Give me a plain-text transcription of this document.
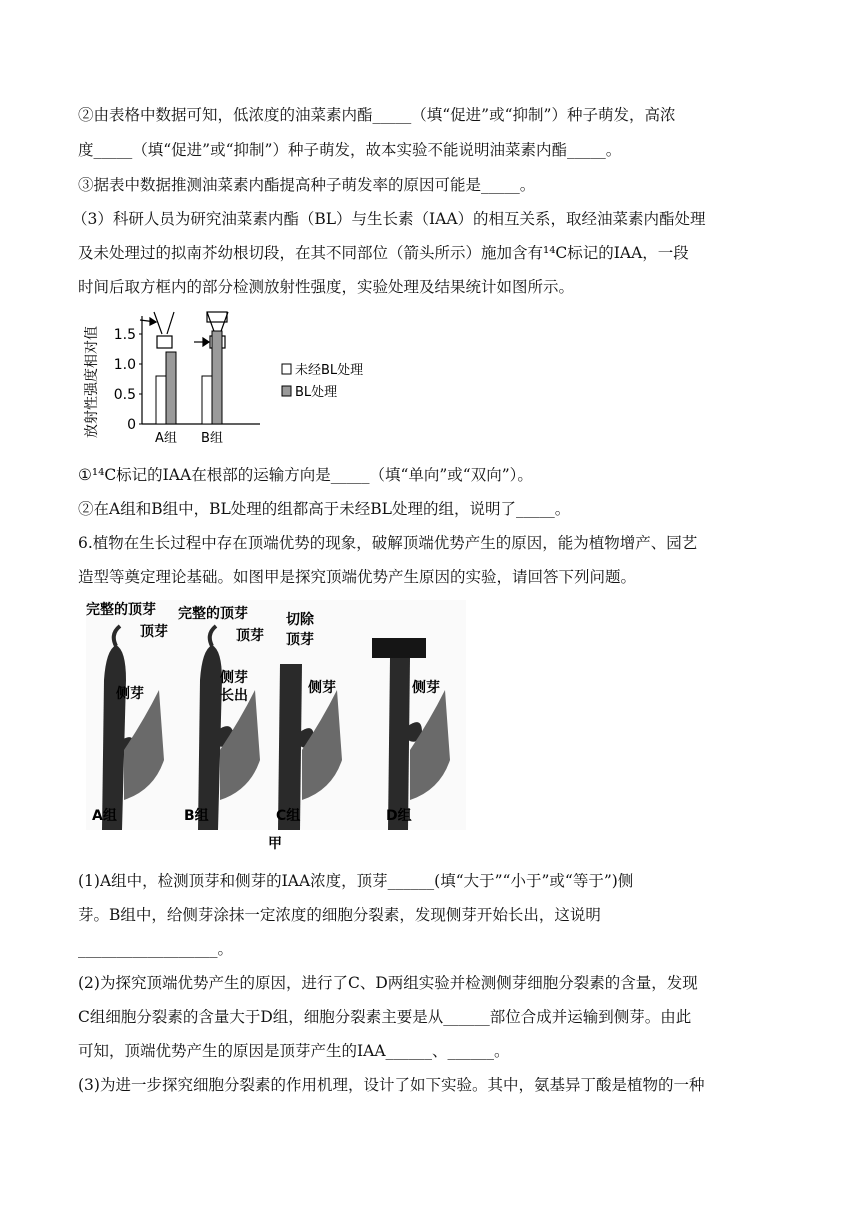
②由表格中数据可知，低浓度的油菜素内酯_____（填“促进”或“抑制”）种子萌发，高浓
度_____（填“促进”或“抑制”）种子萌发，故本实验不能说明油菜素内酯_____。
③据表中数据推测油菜素内酯提高种子萌发率的原因可能是_____。
（3）科研人员为研究油菜素内酯（BL）与生长素（IAA）的相互关系，取经油菜素内酯处理
及未处理过的拟南芥幼根切段，在其不同部位（箭头所示）施加含有¹⁴C标记的IAA，一段
时间后取方框内的部分检测放射性强度，实验处理及结果统计如图所示。
放射性强度相对值
A组 B组
0
0.5
1.0
1.5
未经BL处理
BL处理
①¹⁴C标记的IAA在根部的运输方向是_____（填“单向”或“双向”）。
②在A组和B组中，BL处理的组都高于未经BL处理的组，说明了_____。
6.植物在生长过程中存在顶端优势的现象，破解顶端优势产生的原因，能为植物增产、园艺
造型等奠定理论基础。如图甲是探究顶端优势产生原因的实验，请回答下列问题。
完整的顶芽
顶芽
侧芽
A组
完整的顶芽
顶芽
侧芽
长出
B组
切除
顶芽
侧芽
C组
侧芽
D组
甲
(1)A组中，检测顶芽和侧芽的IAA浓度，顶芽______(填“大于”“小于”或“等于”)侧
芽。B组中，给侧芽涂抹一定浓度的细胞分裂素，发现侧芽开始长出，这说明
__________________。
(2)为探究顶端优势产生的原因，进行了C、D两组实验并检测侧芽细胞分裂素的含量，发现
C组细胞分裂素的含量大于D组，细胞分裂素主要是从______部位合成并运输到侧芽。由此
可知，顶端优势产生的原因是顶芽产生的IAA______、______。
(3)为进一步探究细胞分裂素的作用机理，设计了如下实验。其中，氨基异丁酸是植物的一种
